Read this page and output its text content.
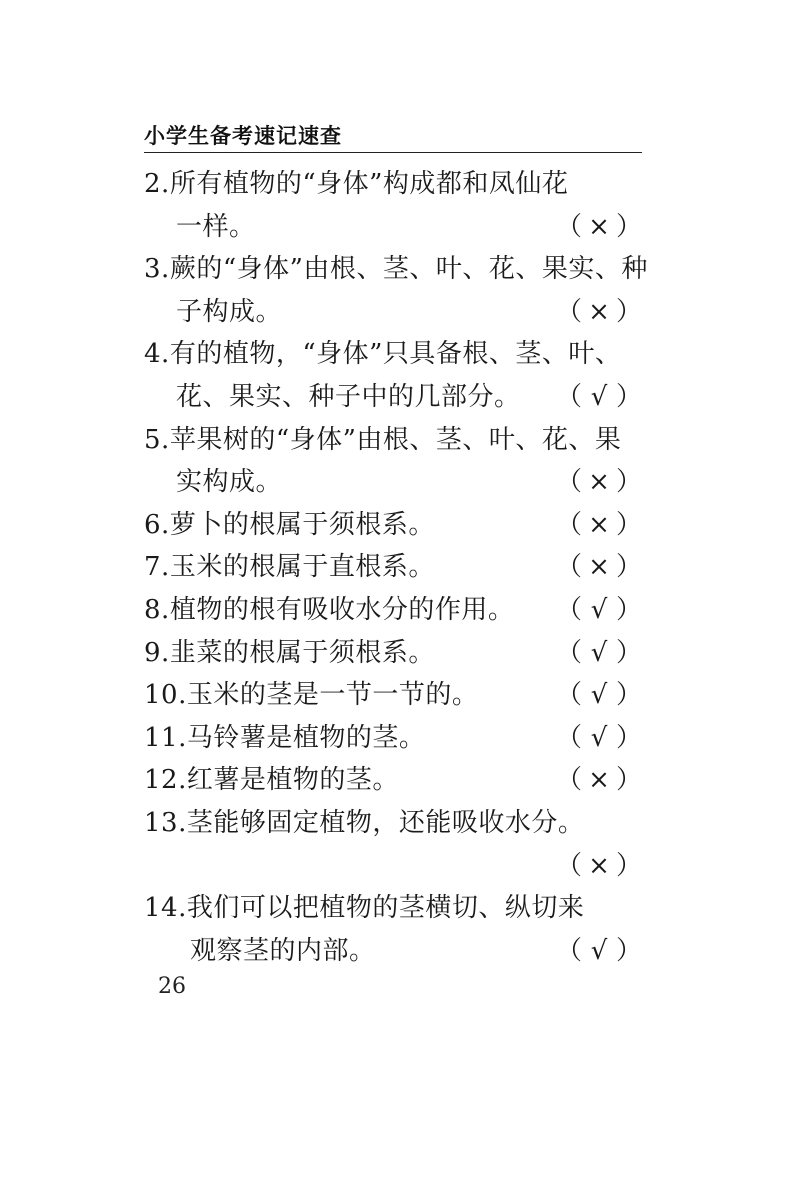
小学生备考速记速查
2.所有植物的“身体”构成都和凤仙花
一样。	（ × ）
3.蕨的“身体”由根、茎、叶、花、果实、种
子构成。	（ × ）
4.有的植物，“身体”只具备根、茎、叶、
花、果实、种子中的几部分。 （ √ ）
5.苹果树的“身体”由根、茎、叶、花、果
实构成。	（ × ）
6.萝卜的根属于须根系。	（ × ）
7.玉米的根属于直根系。	（ × ）
8.植物的根有吸收水分的作用。 （ √ ）
9.韭菜的根属于须根系。	（ √ ）
10.玉米的茎是一节一节的。	（ √ ）
11.马铃薯是植物的茎。	（ √ ）
12.红薯是植物的茎。	（ × ）
13.茎能够固定植物，还能吸收水分。
（ × ）
14.我们可以把植物的茎横切、纵切来
观察茎的内部。	（ √ ）
26
